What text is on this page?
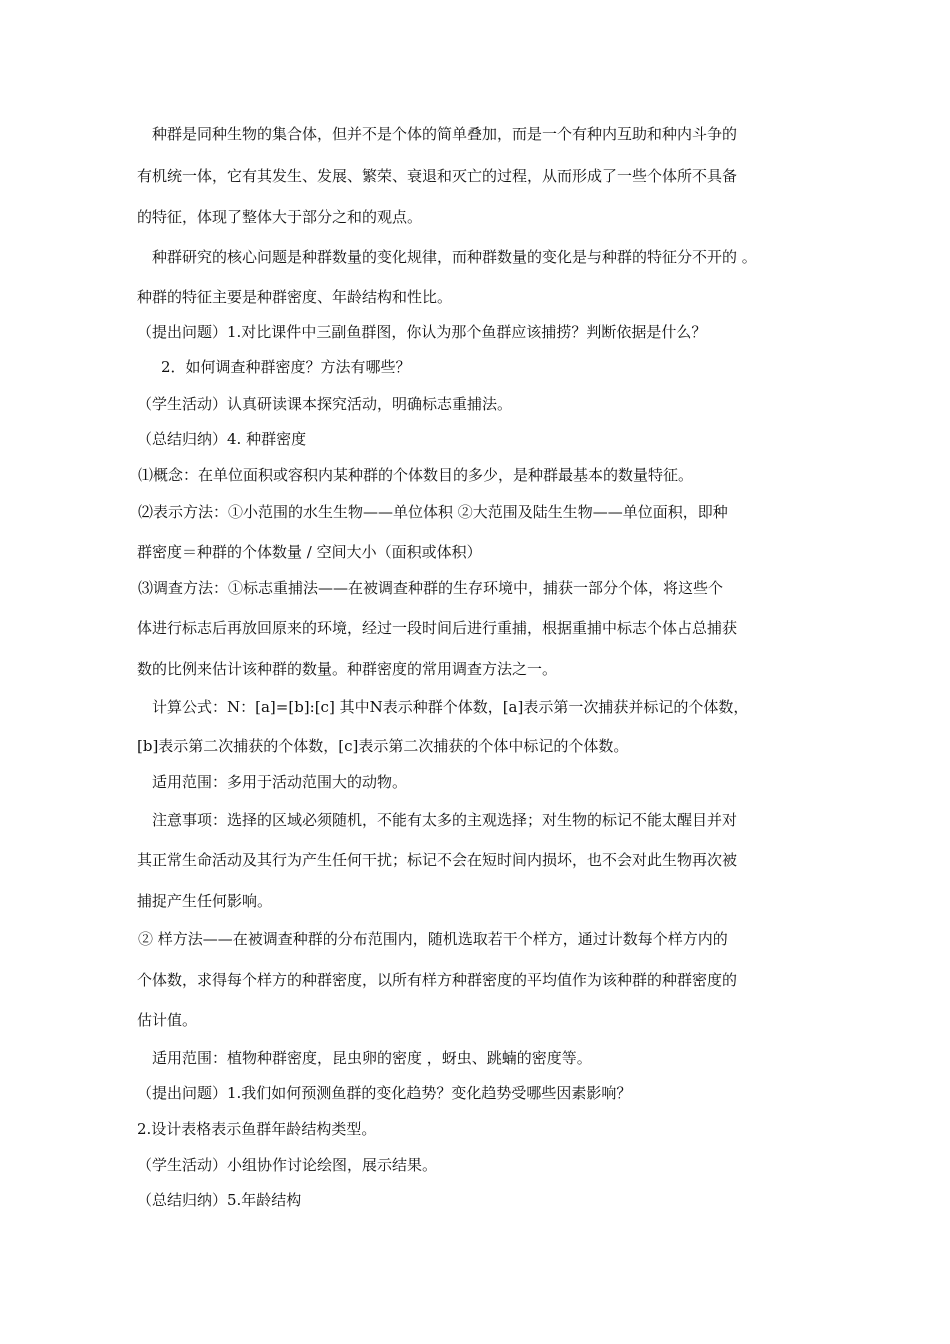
种群是同种生物的集合体，但并不是个体的简单叠加，而是一个有种内互助和种内斗争的
有机统一体，它有其发生、发展、繁荣、衰退和灭亡的过程，从而形成了一些个体所不具备
的特征，体现了整体大于部分之和的观点。
种群研究的核心问题是种群数量的变化规律，而种群数量的变化是与种群的特征分不开的 。
种群的特征主要是种群密度、年龄结构和性比。
（提出问题）1.对比课件中三副鱼群图，你认为那个鱼群应该捕捞？判断依据是什么？
2．如何调查种群密度？方法有哪些？
（学生活动）认真研读课本探究活动，明确标志重捕法。
（总结归纳）4. 种群密度
⑴概念：在单位面积或容积内某种群的个体数目的多少，是种群最基本的数量特征。
⑵表示方法：①小范围的水生生物——单位体积 ②大范围及陆生生物——单位面积，即种
群密度＝种群的个体数量 / 空间大小（面积或体积）
⑶调查方法：①标志重捕法——在被调查种群的生存环境中，捕获一部分个体，将这些个
体进行标志后再放回原来的环境，经过一段时间后进行重捕，根据重捕中标志个体占总捕获
数的比例来估计该种群的数量。种群密度的常用调查方法之一。
计算公式：N：[a]=[b]:[c] 其中N表示种群个体数，[a]表示第一次捕获并标记的个体数，
[b]表示第二次捕获的个体数，[c]表示第二次捕获的个体中标记的个体数。
适用范围：多用于活动范围大的动物。
注意事项：选择的区域必须随机，不能有太多的主观选择；对生物的标记不能太醒目并对
其正常生命活动及其行为产生任何干扰；标记不会在短时间内损坏，也不会对此生物再次被
捕捉产生任何影响。
② 样方法——在被调查种群的分布范围内，随机选取若干个样方，通过计数每个样方内的
个体数，求得每个样方的种群密度，以所有样方种群密度的平均值作为该种群的种群密度的
估计值。
适用范围：植物种群密度，昆虫卵的密度 ，蚜虫、跳蝻的密度等。
（提出问题）1.我们如何预测鱼群的变化趋势？变化趋势受哪些因素影响？
2.设计表格表示鱼群年龄结构类型。
（学生活动）小组协作讨论绘图，展示结果。
（总结归纳）5.年龄结构
